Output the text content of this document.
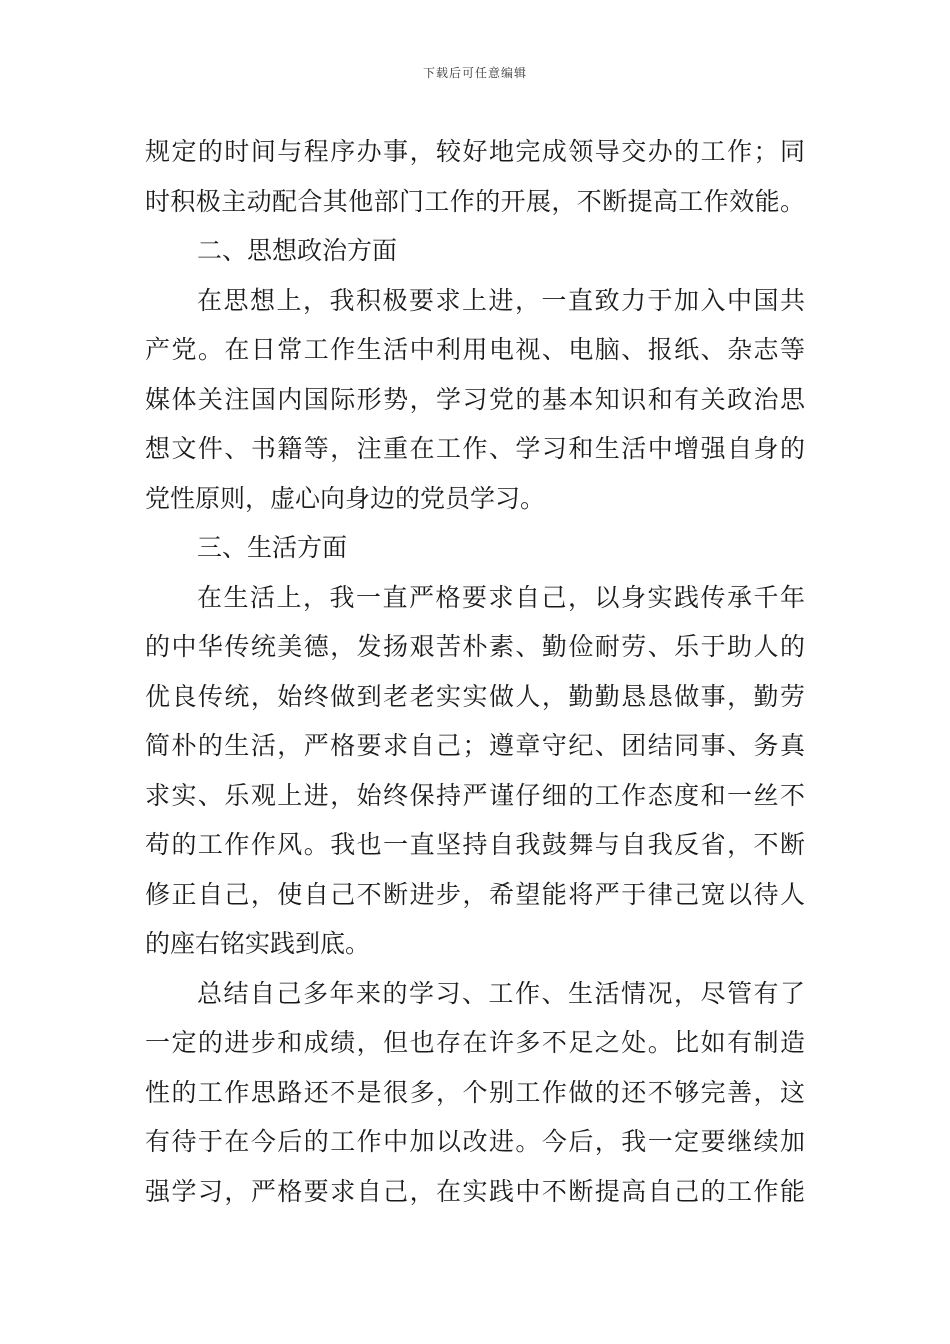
下载后可任意编辑
规定的时间与程序办事，较好地完成领导交办的工作；同
时积极主动配合其他部门工作的开展，不断提高工作效能。
二、思想政治方面
在思想上，我积极要求上进，一直致力于加入中国共
产党。在日常工作生活中利用电视、电脑、报纸、杂志等
媒体关注国内国际形势，学习党的基本知识和有关政治思
想文件、书籍等，注重在工作、学习和生活中增强自身的
党性原则，虚心向身边的党员学习。
三、生活方面
在生活上，我一直严格要求自己，以身实践传承千年
的中华传统美德，发扬艰苦朴素、勤俭耐劳、乐于助人的
优良传统，始终做到老老实实做人，勤勤恳恳做事，勤劳
简朴的生活，严格要求自己；遵章守纪、团结同事、务真
求实、乐观上进，始终保持严谨仔细的工作态度和一丝不
苟的工作作风。我也一直坚持自我鼓舞与自我反省，不断
修正自己，使自己不断进步，希望能将严于律己宽以待人
的座右铭实践到底。
总结自己多年来的学习、工作、生活情况，尽管有了
一定的进步和成绩，但也存在许多不足之处。比如有制造
性的工作思路还不是很多，个别工作做的还不够完善，这
有待于在今后的工作中加以改进。今后，我一定要继续加
强学习，严格要求自己，在实践中不断提高自己的工作能
